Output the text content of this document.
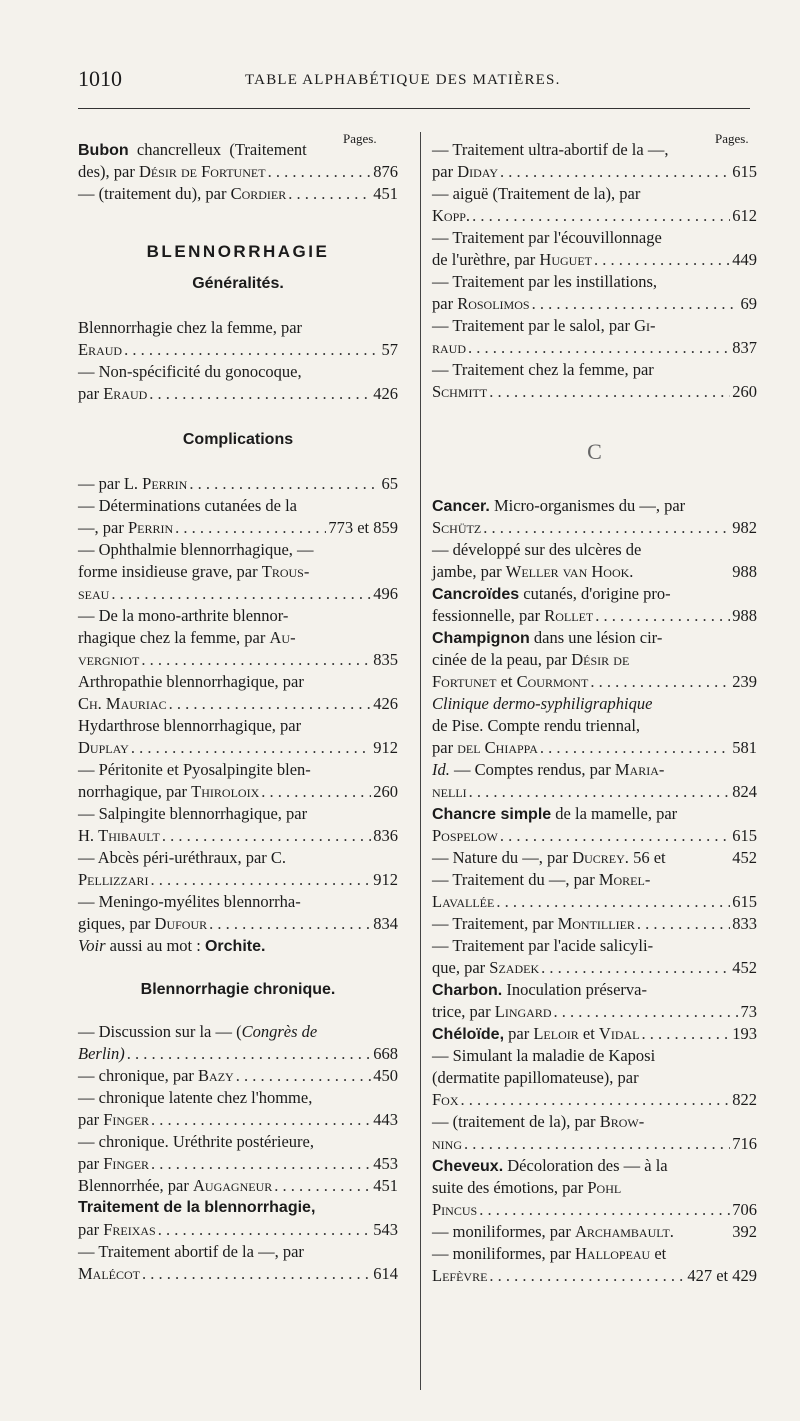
1010	TABLE ALPHABÉTIQUE DES MATIÈRES.
Pages.
Bubon chancrelleux  (Traitement
des), par Désir de Fortunet . . .	876
— (traitement du), par Cordier . . .	451
BLENNORRHAGIE
Généralités.
Blennorrhagie chez la femme, par
Eraud . . .	57
— Non-spécificité du gonocoque,
par Eraud . . .	426
Complications
— par L. Perrin . . .	65
— Déterminations cutanées de la
—, par Perrin . . .	773 et 859
— Ophthalmie blennorrhagique, —
forme insidieuse grave, par Trous-
seau . . .	496
— De la mono-arthrite blennor-
rhagique chez la femme, par Au-
vergniot . . .	835
Arthropathie blennorrhagique, par
Ch. Mauriac . . .	426
Hydarthrose blennorrhagique, par
Duplay . . .	912
— Péritonite et Pyosalpingite blen-
norrhagique, par Thiroloix . . .	260
— Salpingite blennorrhagique, par
H. Thibault . . .	836
— Abcès péri-uréthraux, par C.
Pellizzari . . .	912
— Meningo-myélites blennorrha-
giques, par Dufour . . .	834
Voir aussi au mot : Orchite.
Blennorrhagie chronique.
— Discussion sur la — ( Congrès de
Berlin) . . .	668
— chronique, par Bazy . . .	450
— chronique latente chez l'homme,
par Finger . . .	443
— chronique. Uréthrite postérieure,
par Finger . . .	453
Blennorrhée, par Augagneur . . .	451
Traitement de la blennorrhagie,
par Freixas . . .	543
— Traitement abortif de la —, par
Malécot . . .	614
Pages.
— Traitement ultra-abortif de la —,
par Diday . . .	615
— aiguë (Traitement de la), par
Kopp. . . .	612
— Traitement par l'écouvillonnage
de l'urèthre, par Huguet . . .	449
— Traitement par les instillations,
par Rosolimos . . .	69
— Traitement par le salol, par Gi-
raud . . .	837
— Traitement chez la femme, par
Schmitt . . .	260
C
Cancer. Micro-organismes du —, par
Schütz . . .	982
— développé sur des ulcères de
jambe, par Weller van Hook.	988
Cancroïdes cutanés, d'origine pro-
fessionnelle, par Rollet . . .	988
Champignon dans une lésion cir-
cinée de la peau, par Désir de
Fortunet et Courmont . . .	239
Clinique dermo-syphiligraphique
de Pise. Compte rendu triennal,
par del Chiappa . . .	581
Id. — Comptes rendus, par Maria-
nelli . . .	824
Chancre simple de la mamelle, par
Pospelow . . .	615
— Nature du —, par Ducrey. 56 et	452
— Traitement du —, par Morel-
Lavallée . . .	615
— Traitement, par Montillier . . .	833
— Traitement par l'acide salicyli-
que, par Szadek . . .	452
Charbon. Inoculation préserva-
trice, par Lingard . . .	73
Chéloïde, par Leloir et Vidal . . .	193
— Simulant la maladie de Kaposi
(dermatite papillomateuse), par
Fox . . .	822
— (traitement de la), par Brow-
ning . . .	716
Cheveux. Décoloration des — à la
suite des émotions, par Pohl
Pincus . . .	706
— moniliformes, par Archambault.	392
— moniliformes, par Hallopeau et
Lefèvre . . .	427 et 429
